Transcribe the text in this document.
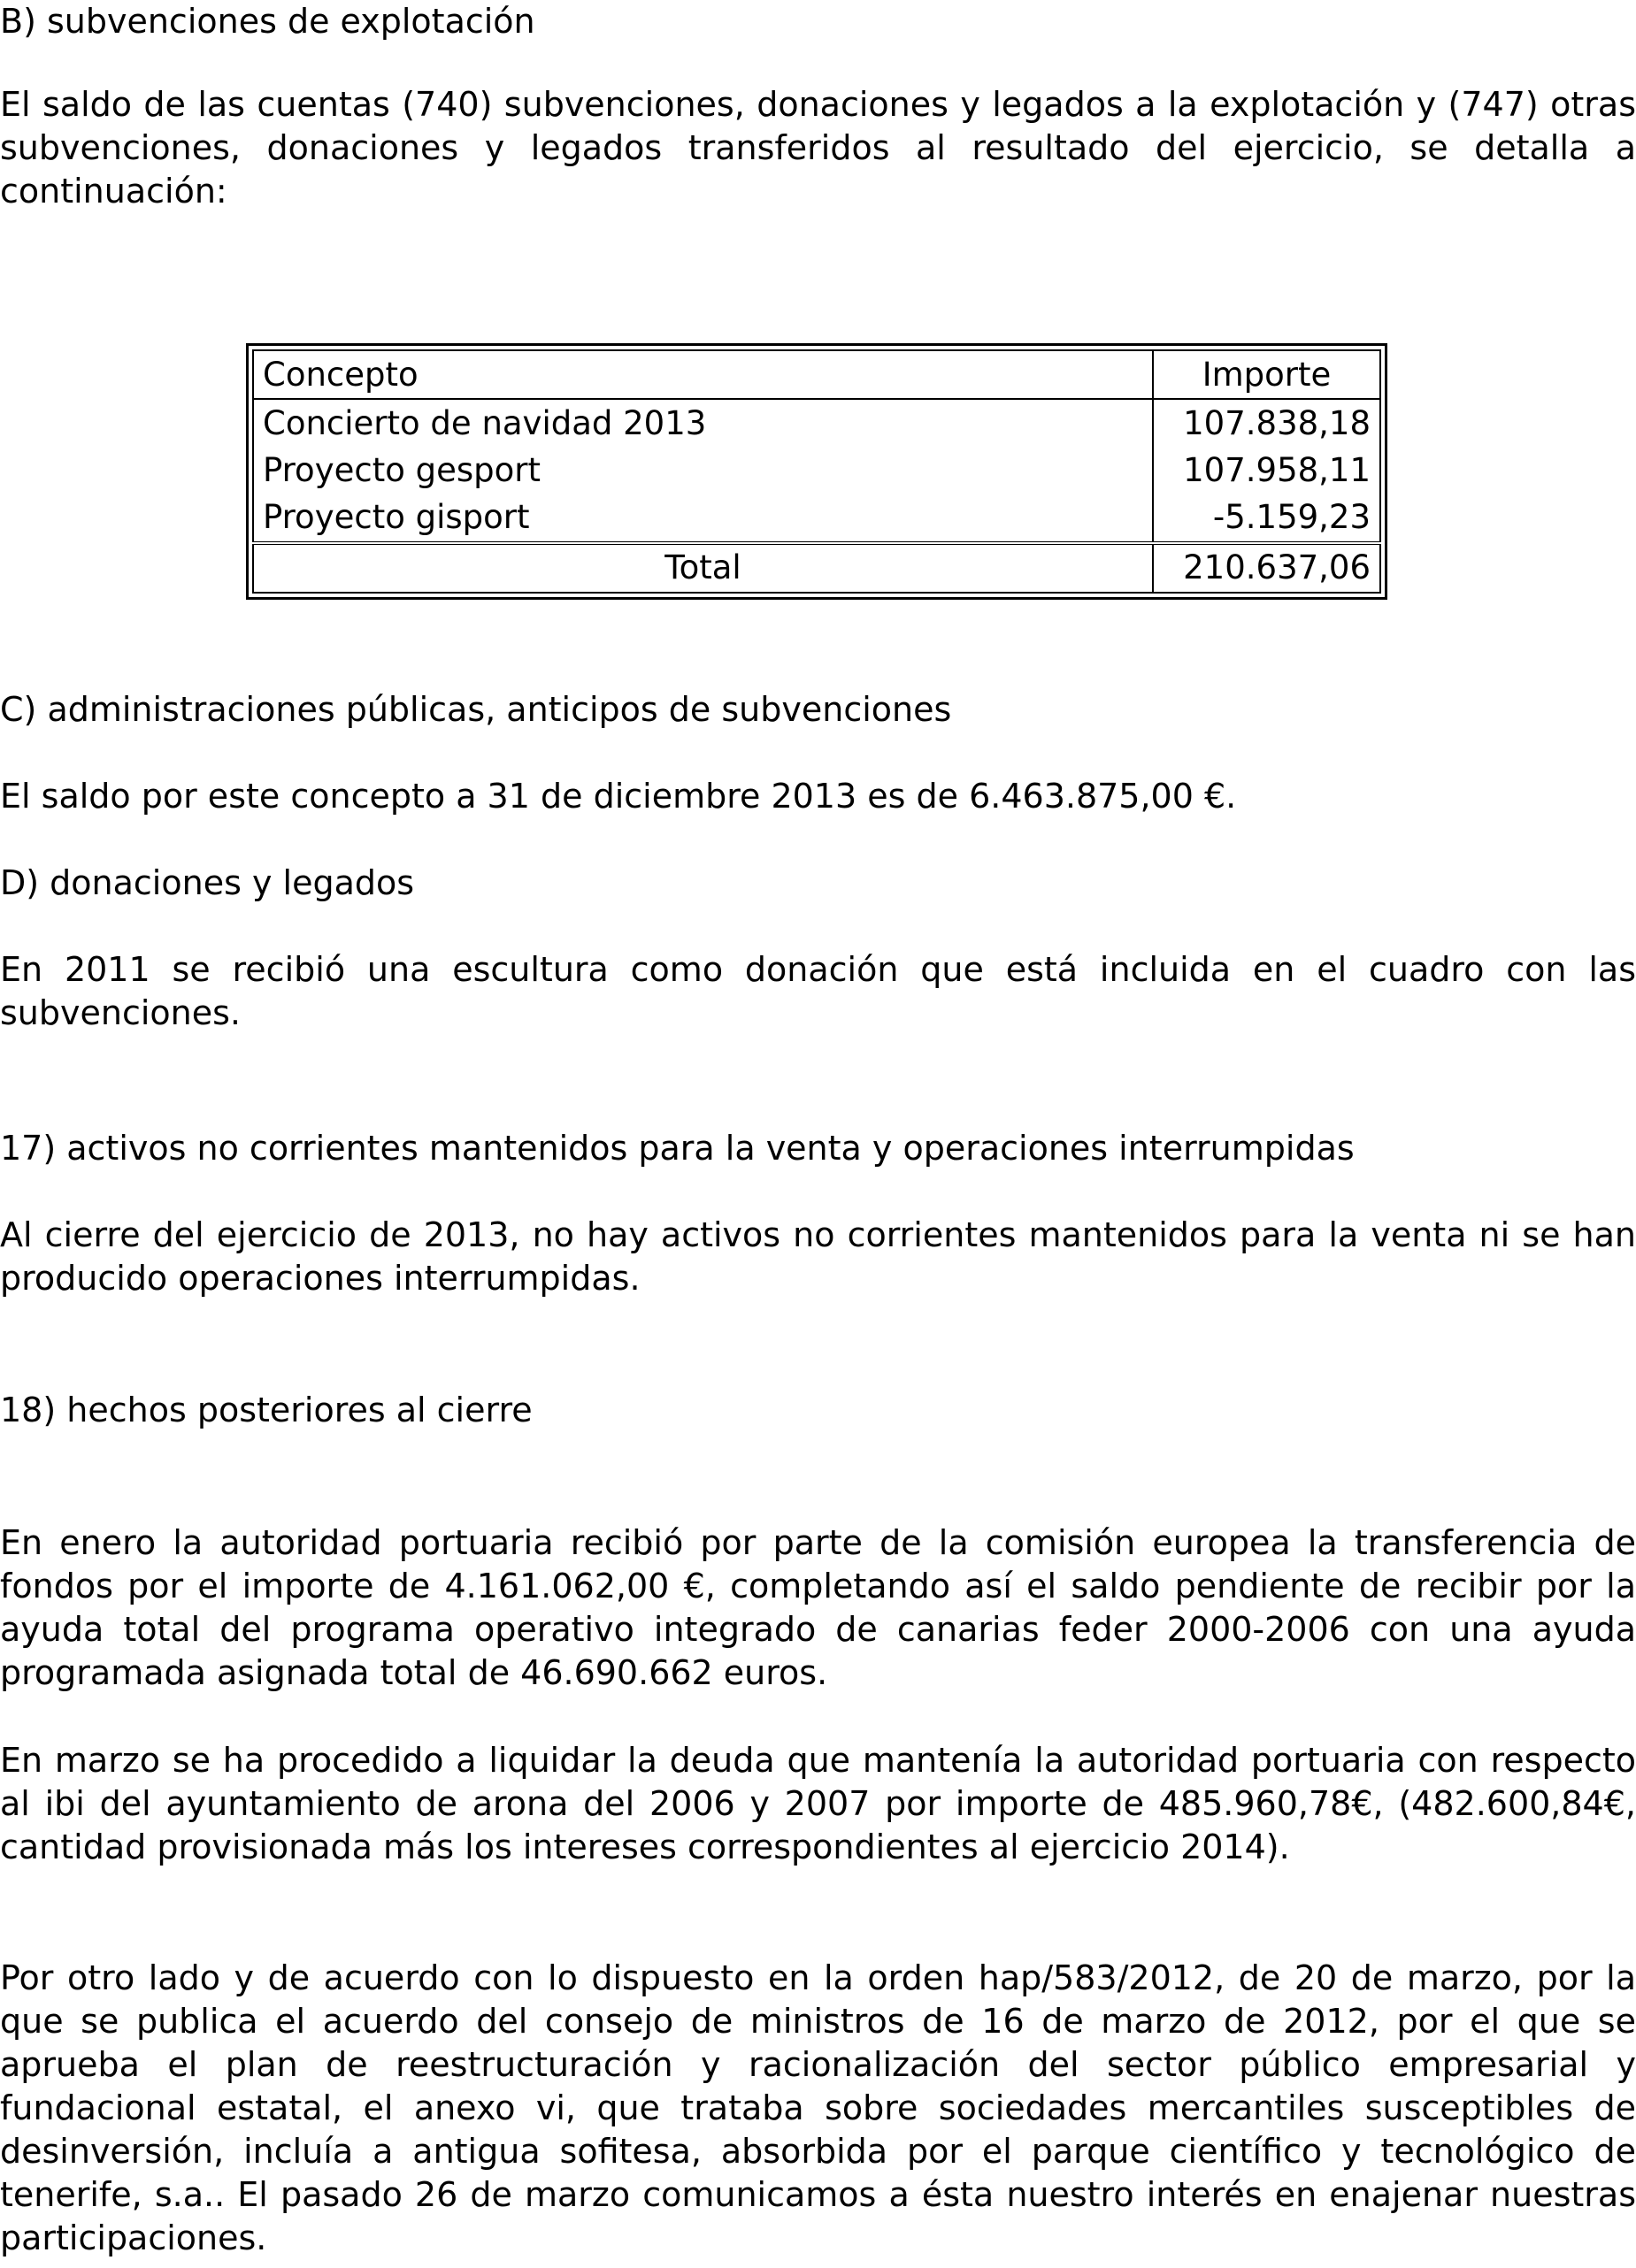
B) subvenciones de explotación

El saldo de las cuentas (740) subvenciones, donaciones y legados a la explotación y (747) otras subvenciones, donaciones y legados transferidos al resultado del ejercicio, se detalla a continuación:

Concepto	Importe
Concierto de navidad 2013	107.838,18
Proyecto gesport	107.958,11
Proyecto gisport	-5.159,23
Total	210.637,06

C) administraciones públicas, anticipos de subvenciones

El saldo por este concepto a 31 de diciembre 2013 es de 6.463.875,00 €.

D) donaciones y legados

En 2011 se recibió una escultura como donación que está incluida en el cuadro con las subvenciones.

17) activos no corrientes mantenidos para la venta y operaciones interrumpidas

Al cierre del ejercicio de 2013, no hay activos no corrientes mantenidos para la venta ni se han producido operaciones interrumpidas.

18) hechos posteriores al cierre

En enero la autoridad portuaria recibió por parte de la comisión europea la transferencia de fondos por el importe de 4.161.062,00 €, completando así el saldo pendiente de recibir por la ayuda total del programa operativo integrado de canarias feder 2000-2006 con una ayuda programada asignada total de 46.690.662 euros.

En marzo se ha procedido a liquidar la deuda que mantenía la autoridad portuaria con respecto al ibi del ayuntamiento de arona del 2006 y 2007 por importe de 485.960,78€, (482.600,84€, cantidad provisionada más los intereses correspondientes al ejercicio 2014).

Por otro lado y de acuerdo con lo dispuesto en la orden hap/583/2012, de 20 de marzo, por la que se publica el acuerdo del consejo de ministros de 16 de marzo de 2012, por el que se aprueba el plan de reestructuración y racionalización del sector público empresarial y fundacional estatal, el anexo vi, que trataba sobre sociedades mercantiles susceptibles de desinversión, incluía a antigua sofitesa, absorbida por el parque científico y tecnológico de tenerife, s.a.. El pasado 26 de marzo comunicamos a ésta nuestro interés en enajenar nuestras participaciones.
